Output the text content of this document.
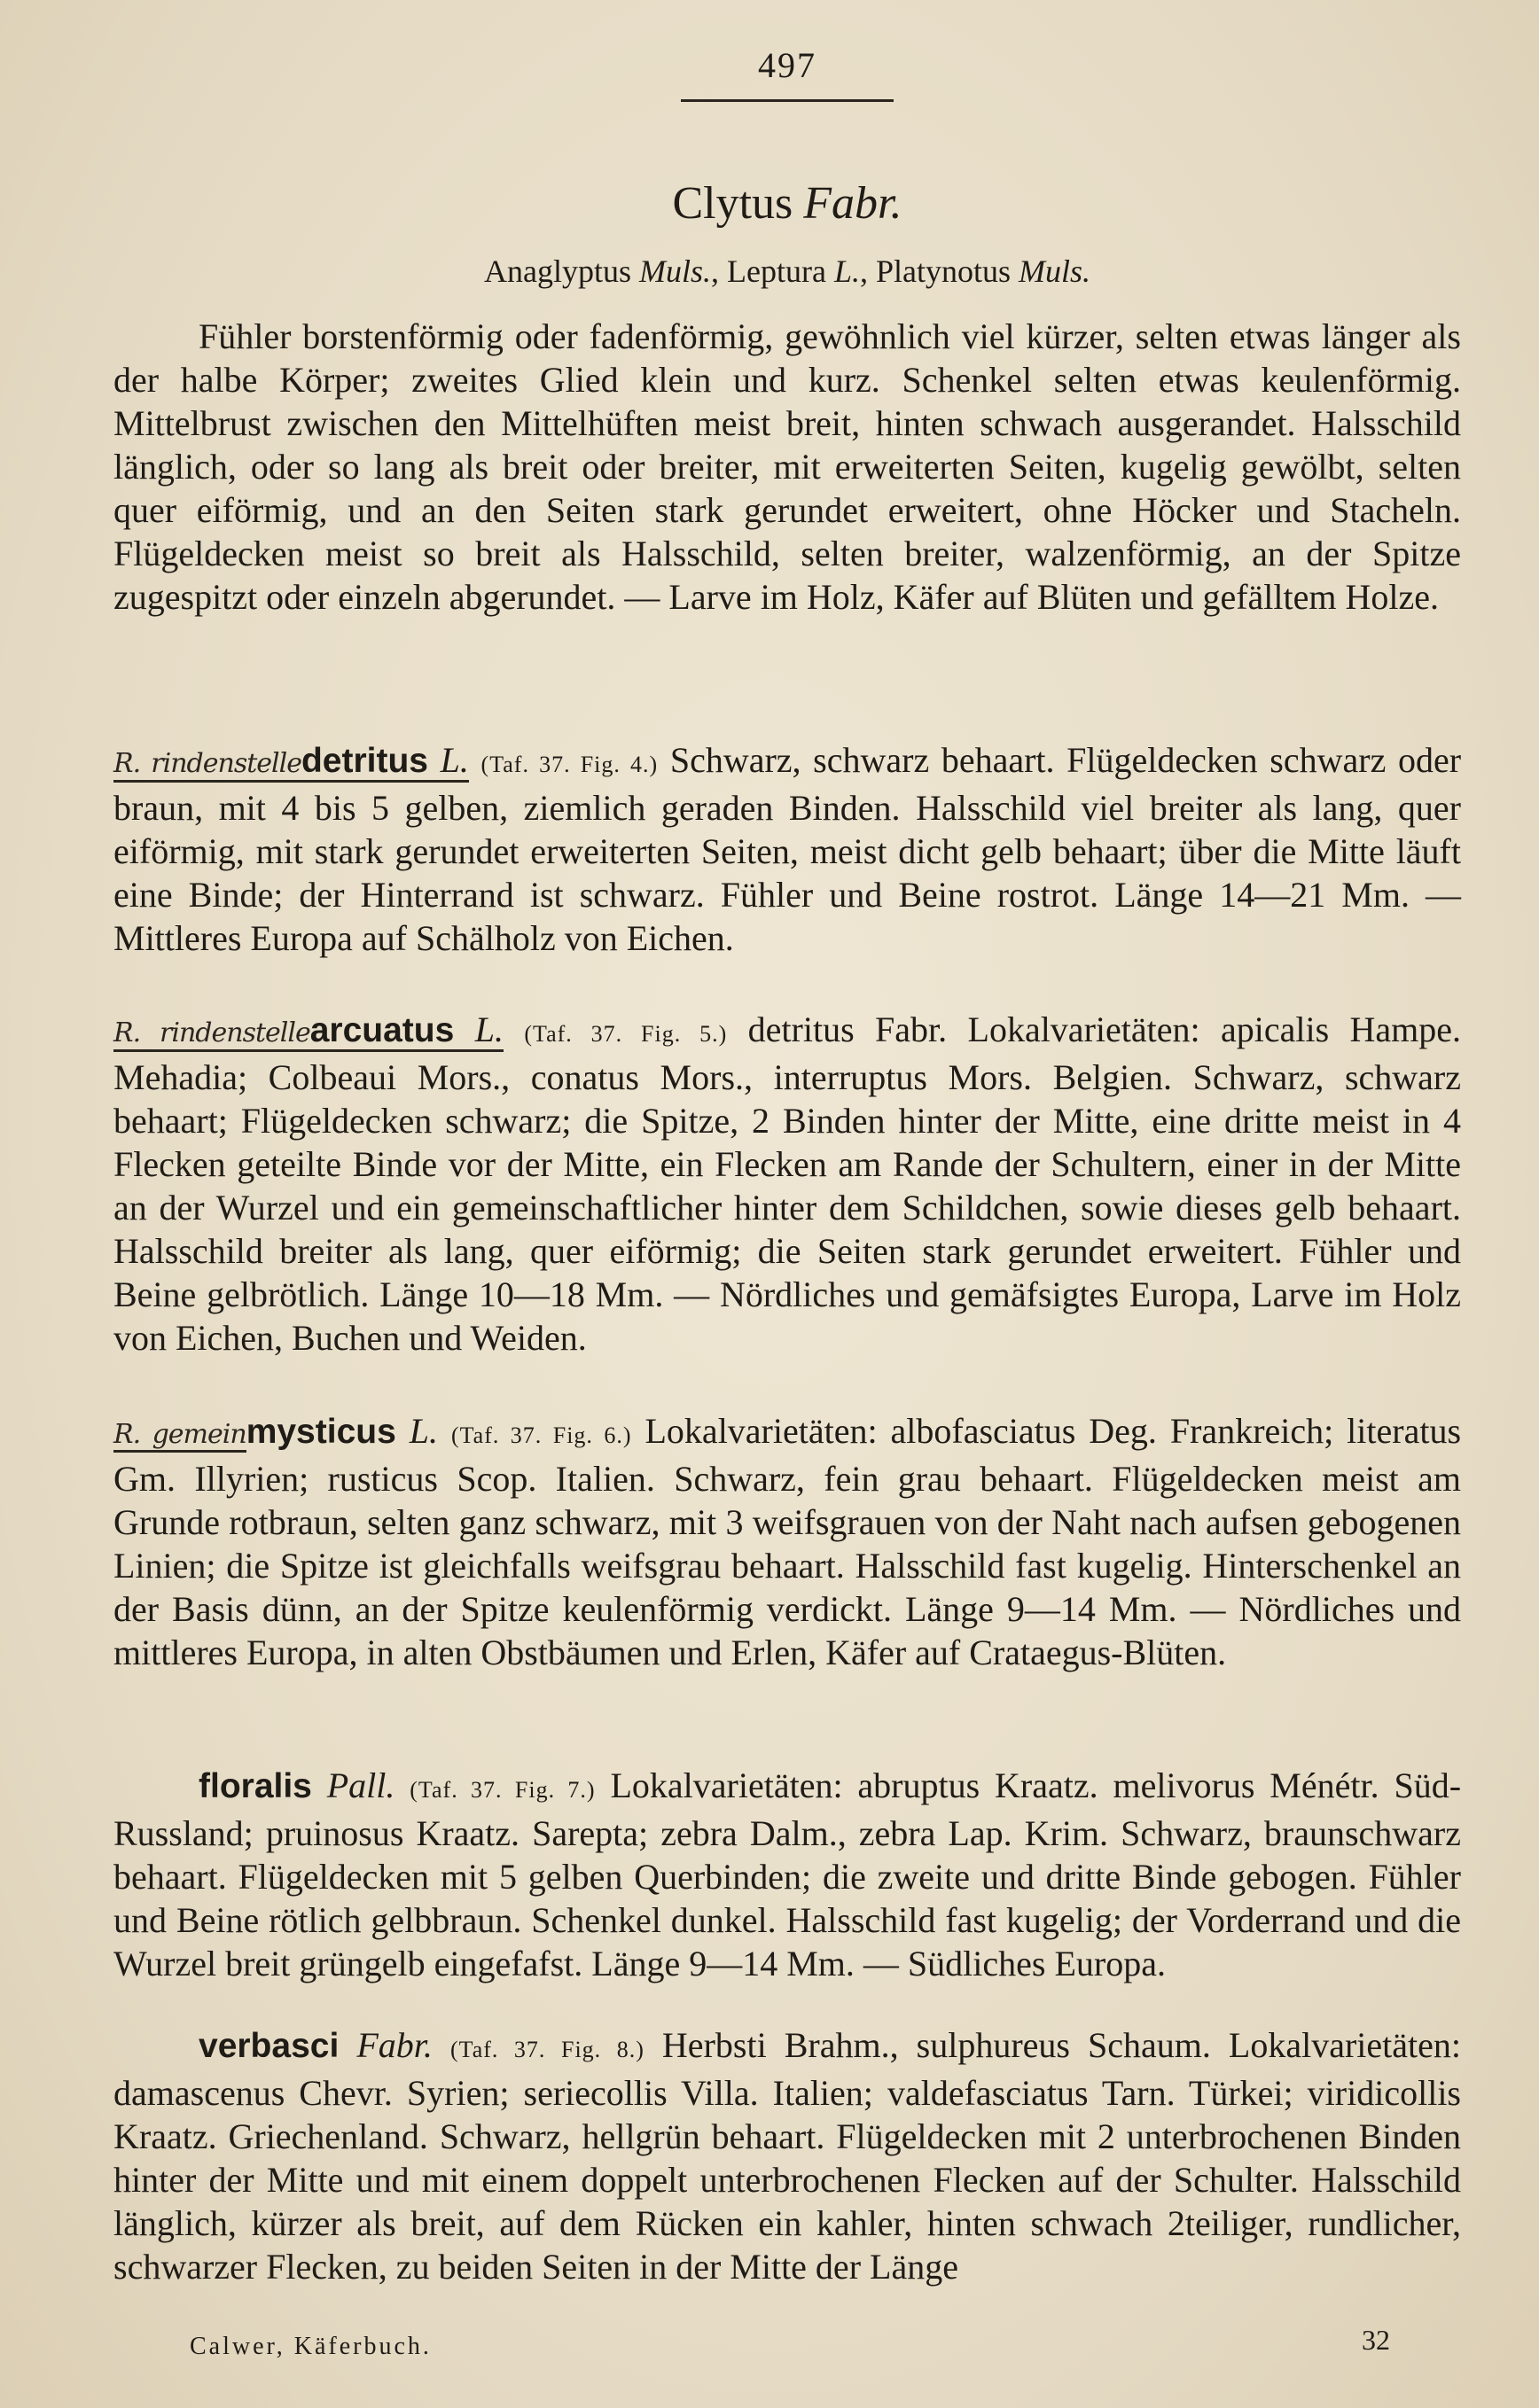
497
Clytus Fabr.
Anaglyptus Muls., Leptura L., Platynotus Muls.

Fühler borstenförmig oder fadenförmig, gewöhnlich viel kürzer, selten etwas länger als der halbe Körper; zweites Glied klein und kurz. Schenkel selten etwas keulenförmig. Mittelbrust zwischen den Mittelhüften meist breit, hinten schwach ausgerandet. Halsschild länglich, oder so lang als breit oder breiter, mit erweiterten Seiten, kugelig gewölbt, selten quer eiförmig, und an den Seiten stark gerundet erweitert, ohne Höcker und Stacheln. Flügeldecken meist so breit als Halsschild, selten breiter, walzenförmig, an der Spitze zugespitzt oder einzeln abgerundet. — Larve im Holz, Käfer auf Blüten und gefälltem Holze.

R. rindenstelledetritus L. (Taf. 37. Fig. 4.) Schwarz, schwarz behaart. Flügeldecken schwarz oder braun, mit 4 bis 5 gelben, ziemlich geraden Binden. Halsschild viel breiter als lang, quer eiförmig, mit stark gerundet erweiterten Seiten, meist dicht gelb behaart; über die Mitte läuft eine Binde; der Hinterrand ist schwarz. Fühler und Beine rostrot. Länge 14—21 Mm. — Mittleres Europa auf Schälholz von Eichen.

R. rindenstellearcuatus L. (Taf. 37. Fig. 5.) detritus Fabr. Lokalvarietäten: apicalis Hampe. Mehadia; Colbeaui Mors., conatus Mors., interruptus Mors. Belgien. Schwarz, schwarz behaart; Flügeldecken schwarz; die Spitze, 2 Binden hinter der Mitte, eine dritte meist in 4 Flecken geteilte Binde vor der Mitte, ein Flecken am Rande der Schultern, einer in der Mitte an der Wurzel und ein gemeinschaftlicher hinter dem Schildchen, sowie dieses gelb behaart. Halsschild breiter als lang, quer eiförmig; die Seiten stark gerundet erweitert. Fühler und Beine gelbrötlich. Länge 10—18 Mm. — Nördliches und gemäfsigtes Europa, Larve im Holz von Eichen, Buchen und Weiden.

R. gemeinmysticus L. (Taf. 37. Fig. 6.) Lokalvarietäten: albofasciatus Deg. Frankreich; literatus Gm. Illyrien; rusticus Scop. Italien. Schwarz, fein grau behaart. Flügeldecken meist am Grunde rotbraun, selten ganz schwarz, mit 3 weifsgrauen von der Naht nach aufsen gebogenen Linien; die Spitze ist gleichfalls weifsgrau behaart. Halsschild fast kugelig. Hinterschenkel an der Basis dünn, an der Spitze keulenförmig verdickt. Länge 9—14 Mm. — Nördliches und mittleres Europa, in alten Obstbäumen und Erlen, Käfer auf Crataegus-Blüten.

floralis Pall. (Taf. 37. Fig. 7.) Lokalvarietäten: abruptus Kraatz. melivorus Ménétr. Süd-Russland; pruinosus Kraatz. Sarepta; zebra Dalm., zebra Lap. Krim. Schwarz, braunschwarz behaart. Flügeldecken mit 5 gelben Querbinden; die zweite und dritte Binde gebogen. Fühler und Beine rötlich gelbbraun. Schenkel dunkel. Halsschild fast kugelig; der Vorderrand und die Wurzel breit grüngelb eingefafst. Länge 9—14 Mm. — Südliches Europa.

verbasci Fabr. (Taf. 37. Fig. 8.) Herbsti Brahm., sulphureus Schaum. Lokalvarietäten: damascenus Chevr. Syrien; seriecollis Villa. Italien; valdefasciatus Tarn. Türkei; viridicollis Kraatz. Griechenland. Schwarz, hellgrün behaart. Flügeldecken mit 2 unterbrochenen Binden hinter der Mitte und mit einem doppelt unterbrochenen Flecken auf der Schulter. Halsschild länglich, kürzer als breit, auf dem Rücken ein kahler, hinten schwach 2teiliger, rundlicher, schwarzer Flecken, zu beiden Seiten in der Mitte der Länge

Calwer, Käferbuch.	32
